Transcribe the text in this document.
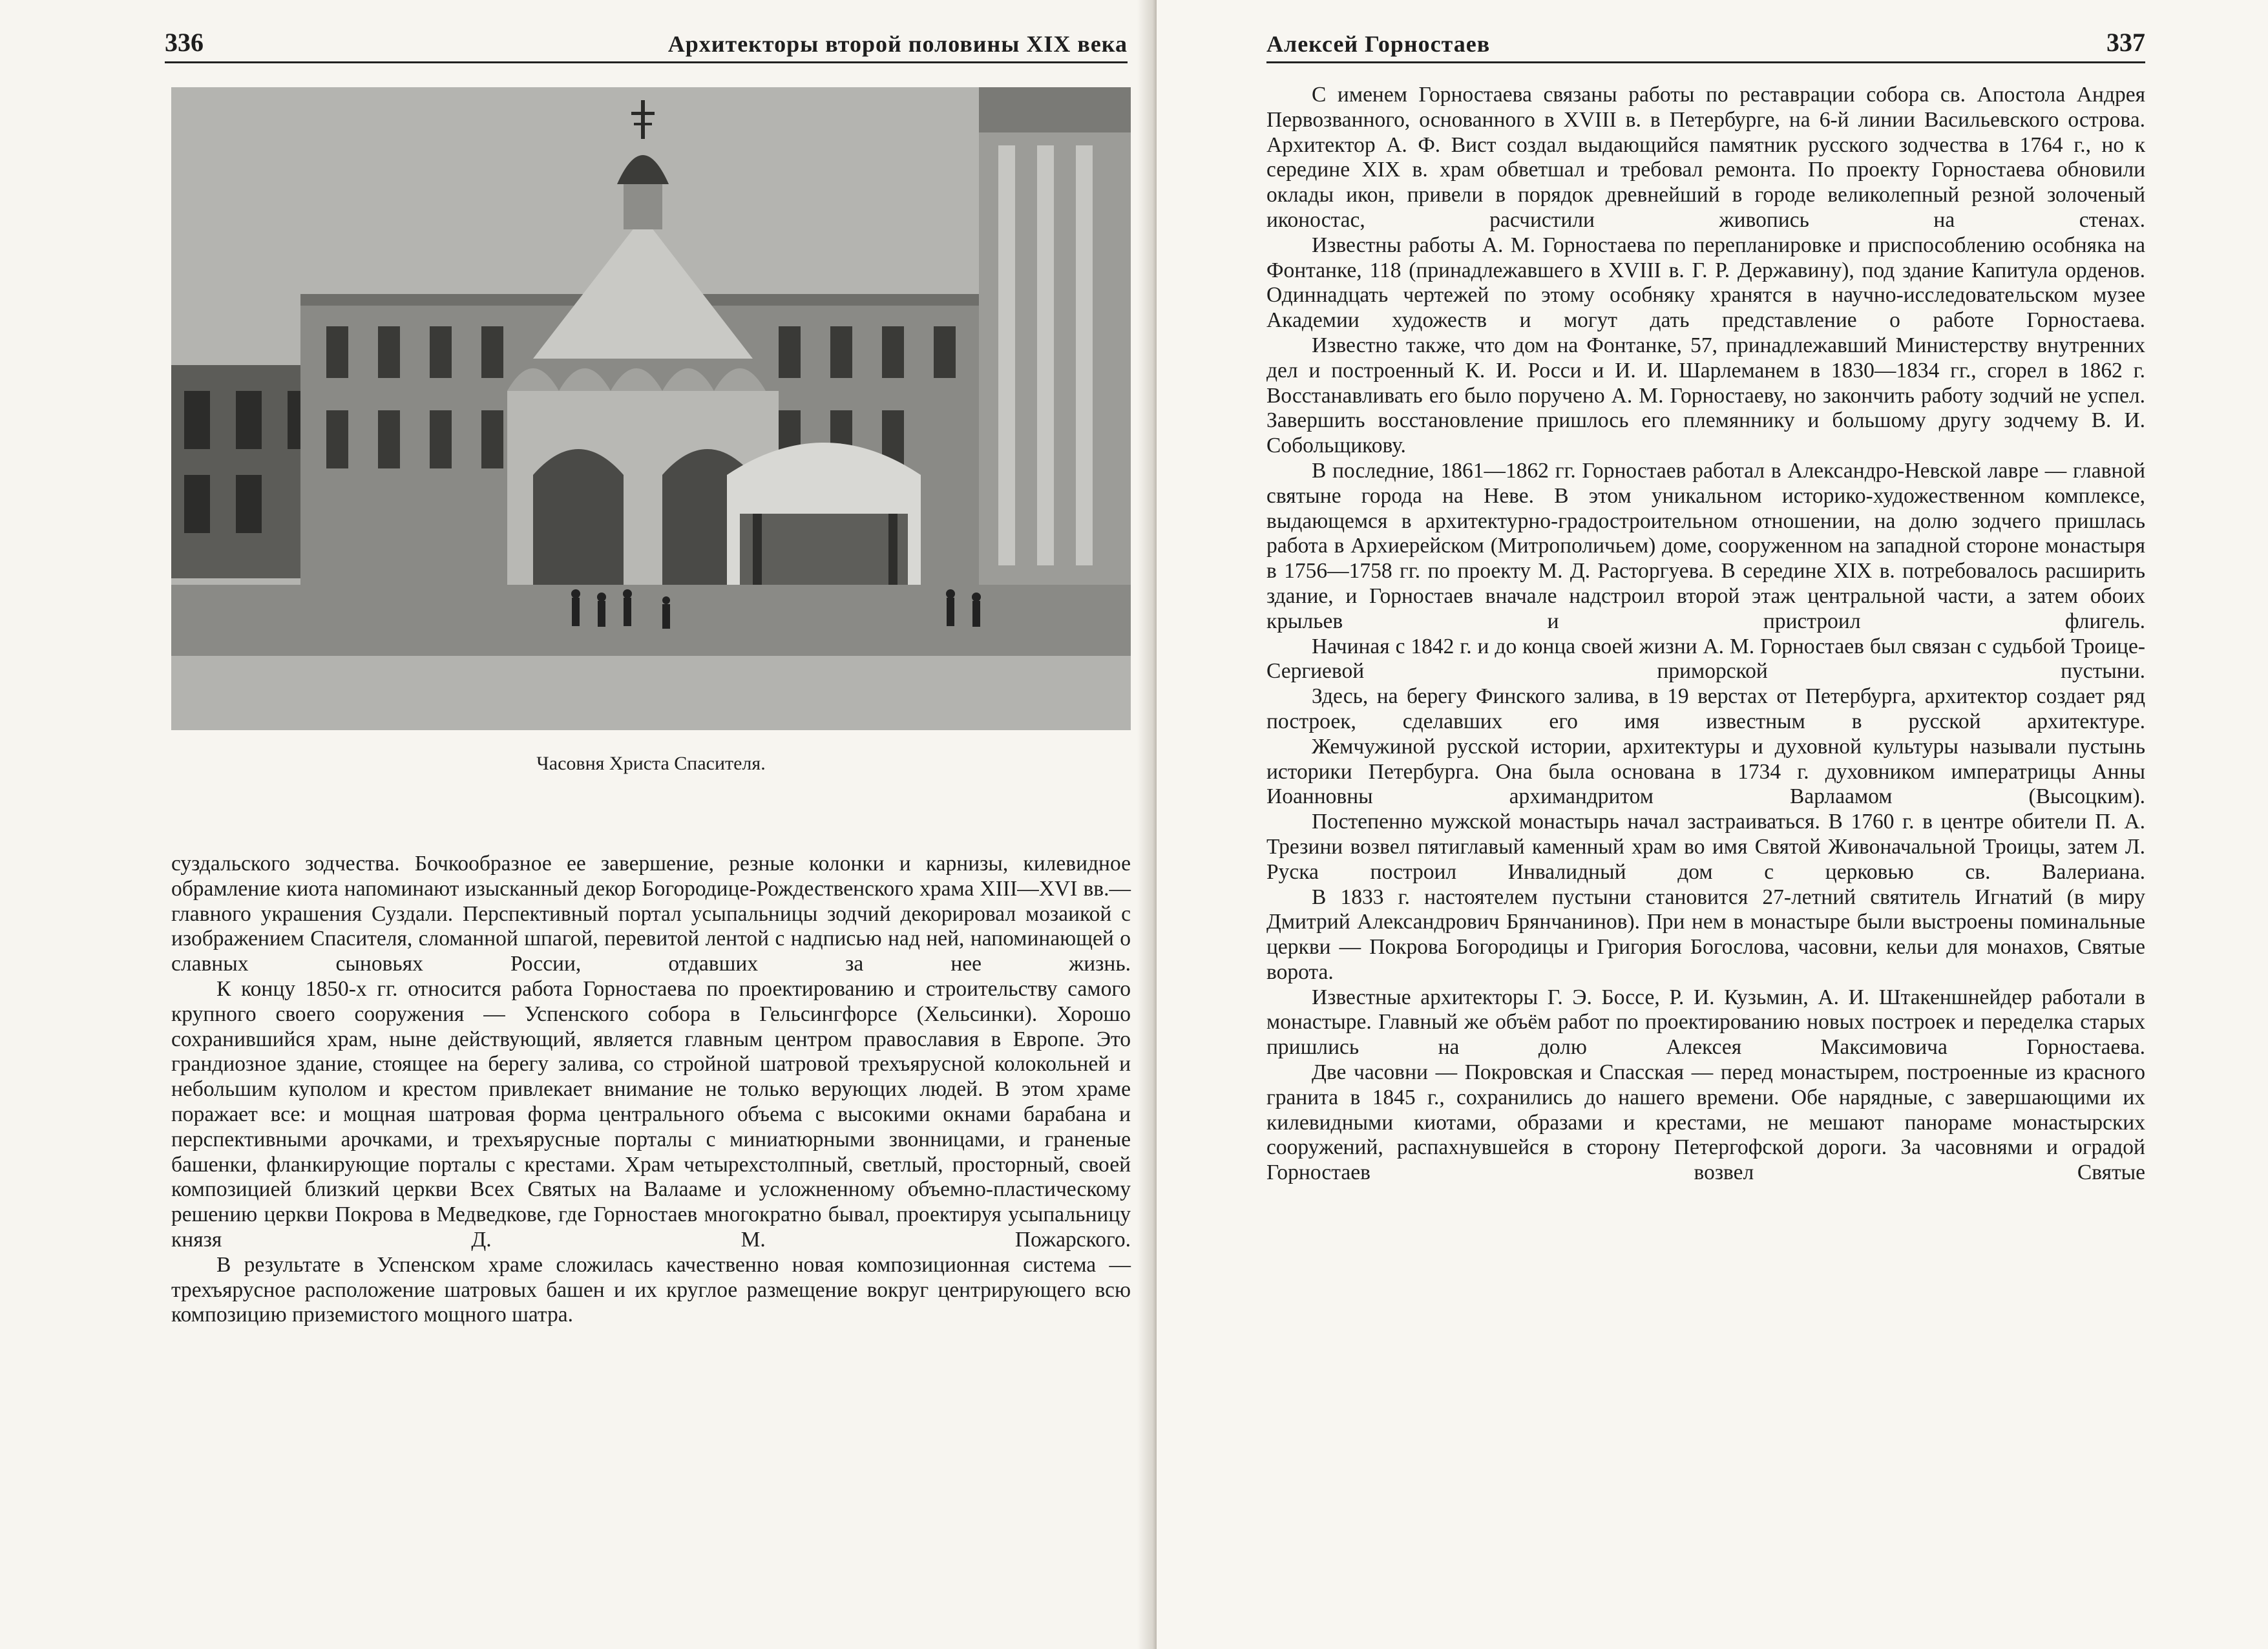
336	Архитекторы второй половины XIX века
Часовня Христа Спасителя.

суздальского зодчества. Бочкообразное ее завершение, резные колонки и карнизы, килевидное обрамление киота напоминают изысканный декор Богородице-Рождественского храма XIII—XVI вв.— главного украшения Суздали. Перспективный портал усыпальницы зодчий декорировал мозаикой с изображением Спасителя, сломанной шпагой, перевитой лентой с надписью над ней, напоминающей о славных сыновьях России, отдавших за нее жизнь.

К концу 1850-х гг. относится работа Горностаева по проектированию и строительству самого крупного своего сооружения — Успенского собора в Гельсингфорсе (Хельсинки). Хорошо сохранившийся храм, ныне действующий, является главным центром православия в Европе. Это грандиозное здание, стоящее на берегу залива, со стройной шатровой трехъярусной колокольней и небольшим куполом и крестом привлекает внимание не только верующих людей. В этом храме поражает все: и мощная шатровая форма центрального объема с высокими окнами барабана и перспективными арочками, и трехъярусные порталы с миниатюрными звонницами, и граненые башенки, фланкирующие порталы с крестами. Храм четырехстолпный, светлый, просторный, своей композицией близкий церкви Всех Святых на Валааме и усложненному объемно-пластическому решению церкви Покрова в Медведкове, где Горностаев многократно бывал, проектируя усыпальницу князя Д. М. Пожарского.

В результате в Успенском храме сложилась качественно новая композиционная система — трехъярусное расположение шатровых башен и их круглое размещение вокруг центрирующего всю композицию приземистого мощного шатра.

Алексей Горностаев	337

С именем Горностаева связаны работы по реставрации собора св. Апостола Андрея Первозванного, основанного в XVIII в. в Петербурге, на 6-й линии Васильевского острова. Архитектор А. Ф. Вист создал выдающийся памятник русского зодчества в 1764 г., но к середине XIX в. храм обветшал и требовал ремонта. По проекту Горностаева обновили оклады икон, привели в порядок древнейший в городе великолепный резной золоченый иконостас, расчистили живопись на стенах.

Известны работы А. М. Горностаева по перепланировке и приспособлению особняка на Фонтанке, 118 (принадлежавшего в XVIII в. Г. Р. Державину), под здание Капитула орденов. Одиннадцать чертежей по этому особняку хранятся в научно-исследовательском музее Академии художеств и могут дать представление о работе Горностаева.

Известно также, что дом на Фонтанке, 57, принадлежавший Министерству внутренних дел и построенный К. И. Росси и И. И. Шарлеманем в 1830—1834 гг., сгорел в 1862 г. Восстанавливать его было поручено А. М. Горностаеву, но закончить работу зодчий не успел. Завершить восстановление пришлось его племяннику и большому другу зодчему В. И. Собольщикову.

В последние, 1861—1862 гг. Горностаев работал в Александро-Невской лавре — главной святыне города на Неве. В этом уникальном историко-художественном комплексе, выдающемся в архитектурно-градостроительном отношении, на долю зодчего пришлась работа в Архиерейском (Митрополичьем) доме, сооруженном на западной стороне монастыря в 1756—1758 гг. по проекту М. Д. Расторгуева. В середине XIX в. потребовалось расширить здание, и Горностаев вначале надстроил второй этаж центральной части, а затем обоих крыльев и пристроил флигель.

Начиная с 1842 г. и до конца своей жизни А. М. Горностаев был связан с судьбой Троице-Сергиевой приморской пустыни.

Здесь, на берегу Финского залива, в 19 верстах от Петербурга, архитектор создает ряд построек, сделавших его имя известным в русской архитектуре.

Жемчужиной русской истории, архитектуры и духовной культуры называли пустынь историки Петербурга. Она была основана в 1734 г. духовником императрицы Анны Иоанновны архимандритом Варлаамом (Высоцким).

Постепенно мужской монастырь начал застраиваться. В 1760 г. в центре обители П. А. Трезини возвел пятиглавый каменный храм во имя Святой Живоначальной Троицы, затем Л. Руска построил Инвалидный дом с церковью св. Валериана.

В 1833 г. настоятелем пустыни становится 27-летний святитель Игнатий (в миру Дмитрий Александрович Брянчанинов). При нем в монастыре были выстроены поминальные церкви — Покрова Богородицы и Григория Богослова, часовни, кельи для монахов, Святые ворота.

Известные архитекторы Г. Э. Боссе, Р. И. Кузьмин, А. И. Штакеншнейдер работали в монастыре. Главный же объём работ по проектированию новых построек и переделка старых пришлись на долю Алексея Максимовича Горностаева.

Две часовни — Покровская и Спасская — перед монастырем, построенные из красного гранита в 1845 г., сохранились до нашего времени. Обе нарядные, с завершающими их килевидными киотами, образами и крестами, не мешают панораме монастырских сооружений, распахнувшейся в сторону Петергофской дороги. За часовнями и оградой Горностаев возвел Святые
